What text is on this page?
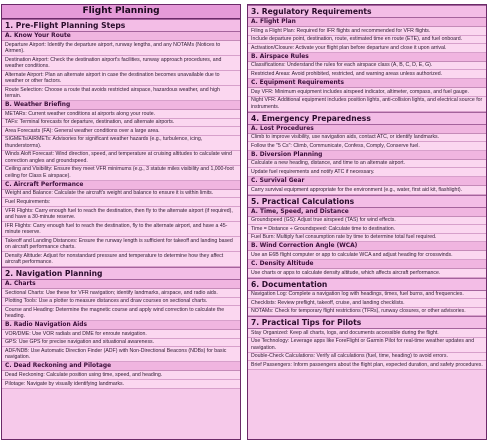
Flight Planning
1. Pre-Flight Planning Steps
A. Know Your Route
Departure Airport: Identify the departure airport, runway lengths, and any NOTAMs (Notices to Airmen).
Destination Airport: Check the destination airport's facilities, runway approach procedures, and weather conditions.
Alternate Airport: Plan an alternate airport in case the destination becomes unavailable due to weather or other factors.
Route Selection: Choose a route that avoids restricted airspace, hazardous weather, and high terrain.
B. Weather Briefing
METARs: Current weather conditions at airports along your route.
TAFs: Terminal forecasts for departure, destination, and alternate airports.
Area Forecasts (FA): General weather conditions over a large area.
SIGMETs/AIRMETs: Advisories for significant weather hazards (e.g., turbulence, icing, thunderstorms).
Winds Aloft Forecast: Wind direction, speed, and temperature at cruising altitudes to calculate wind correction angles and groundspeed.
Ceiling and Visibility: Ensure they meet VFR minimums (e.g., 3 statute miles visibility and 1,000-foot ceiling for Class E airspace).
C. Aircraft Performance
Weight and Balance: Calculate the aircraft's weight and balance to ensure it is within limits.
Fuel Requirements:
VFR Flights: Carry enough fuel to reach the destination, then fly to the alternate airport (if required), and have a 30-minute reserve.
IFR Flights: Carry enough fuel to reach the destination, fly to the alternate airport, and have a 45-minute reserve.
Takeoff and Landing Distances: Ensure the runway length is sufficient for takeoff and landing based on aircraft performance charts.
Density Altitude: Adjust for nonstandard pressure and temperature to determine how they affect aircraft performance.
2. Navigation Planning
A. Charts
Sectional Charts: Use these for VFR navigation; identify landmarks, airspace, and radio aids.
Plotting Tools: Use a plotter to measure distances and draw courses on sectional charts.
Course and Heading: Determine the magnetic course and apply wind correction to calculate the heading.
B. Radio Navigation Aids
VOR/DME: Use VOR radials and DME for enroute navigation.
GPS: Use GPS for precise navigation and situational awareness.
ADF/NDB: Use Automatic Direction Finder (ADF) with Non-Directional Beacons (NDBs) for basic navigation.
C. Dead Reckoning and Pilotage
Dead Reckoning: Calculate position using time, speed, and heading.
Pilotage: Navigate by visually identifying landmarks.
3. Regulatory Requirements
A. Flight Plan
Filing a Flight Plan: Required for IFR flights and recommended for VFR flights.
Include departure point, destination, route, estimated time en route (ETE), and fuel onboard.
Activation/Closure: Activate your flight plan before departure and close it upon arrival.
B. Airspace Rules
Classifications: Understand the rules for each airspace class (A, B, C, D, E, G).
Restricted Areas: Avoid prohibited, restricted, and warning areas unless authorized.
C. Equipment Requirements
Day VFR: Minimum equipment includes airspeed indicator, altimeter, compass, and fuel gauge.
Night VFR: Additional equipment includes position lights, anti-collision lights, and electrical source for instruments.
4. Emergency Preparedness
A. Lost Procedures
Climb to improve visibility, use navigation aids, contact ATC, or identify landmarks.
Follow the "5 Cs": Climb, Communicate, Confess, Comply, Conserve fuel.
B. Diversion Planning
Calculate a new heading, distance, and time to an alternate airport.
Update fuel requirements and notify ATC if necessary.
C. Survival Gear
Carry survival equipment appropriate for the environment (e.g., water, first aid kit, flashlight).
5. Practical Calculations
A. Time, Speed, and Distance
Groundspeed (GS): Adjust true airspeed (TAS) for wind effects.
Time = Distance ÷ Groundspeed: Calculate time to destination.
Fuel Burn: Multiply fuel consumption rate by time to determine total fuel required.
B. Wind Correction Angle (WCA)
Use an E6B flight computer or app to calculate WCA and adjust heading for crosswinds.
C. Density Altitude
Use charts or apps to calculate density altitude, which affects aircraft performance.
6. Documentation
Navigation Log: Complete a navigation log with headings, times, fuel burns, and frequencies.
Checklists: Review preflight, takeoff, cruise, and landing checklists.
NOTAMs: Check for temporary flight restrictions (TFRs), runway closures, or other advisories.
7. Practical Tips for Pilots
Stay Organized: Keep all charts, logs, and documents accessible during the flight.
Use Technology: Leverage apps like ForeFlight or Garmin Pilot for real-time weather updates and navigation.
Double-Check Calculations: Verify all calculations (fuel, time, heading) to avoid errors.
Brief Passengers: Inform passengers about the flight plan, expected duration, and safety procedures.
